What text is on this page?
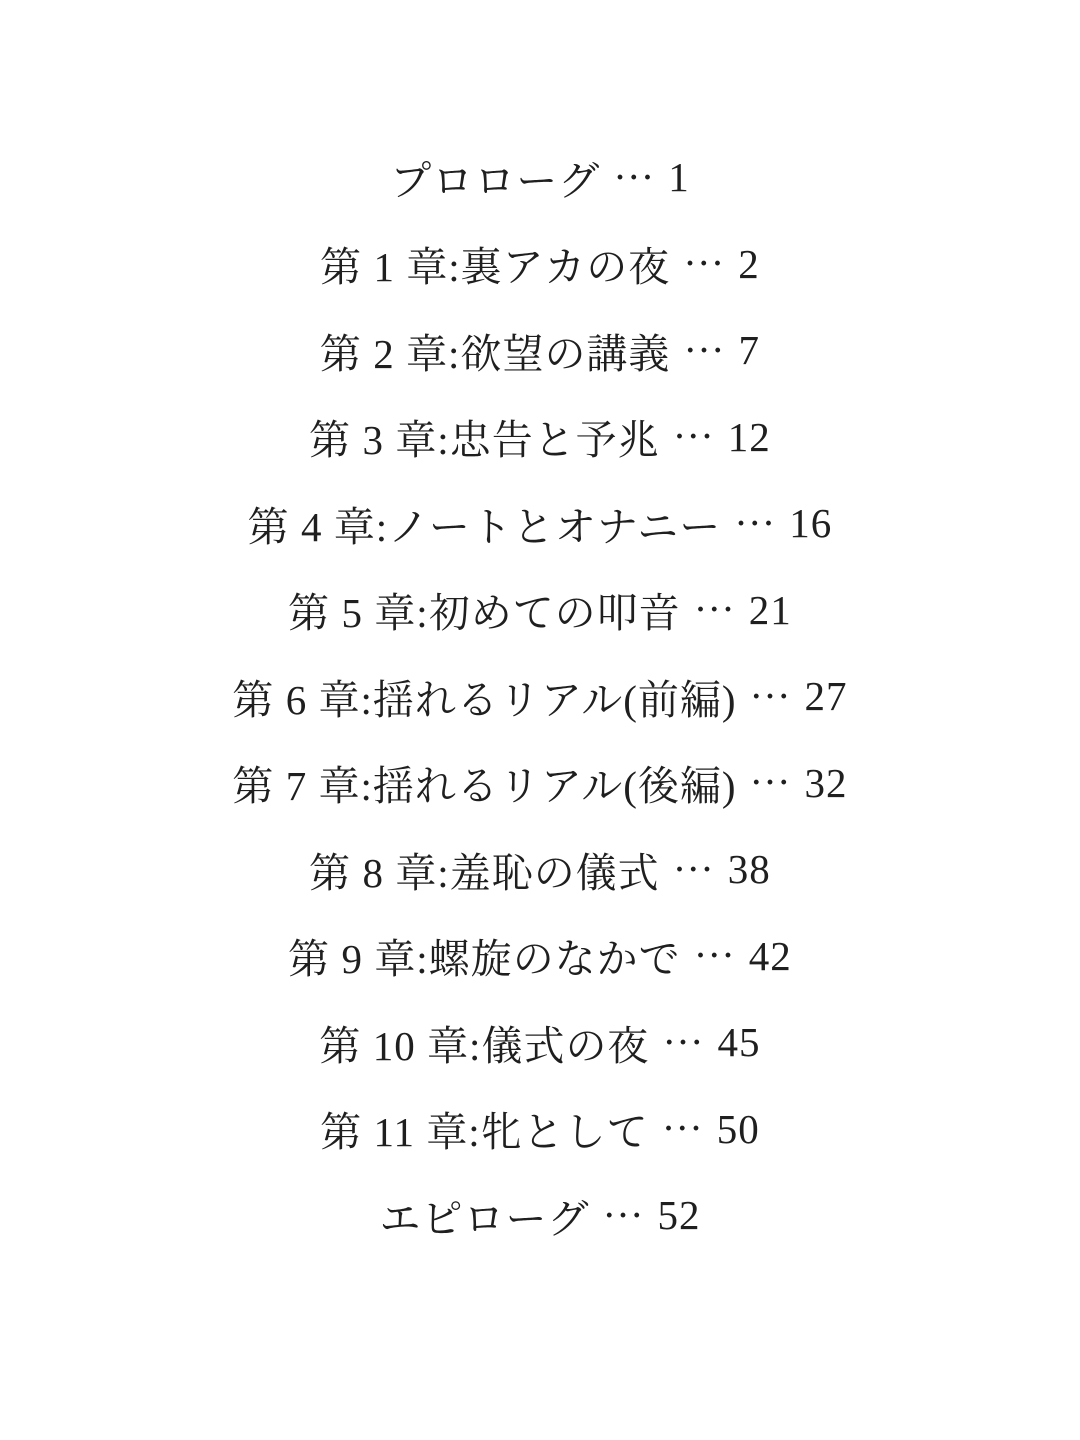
プロローグ … 1
第 1 章:裏アカの夜 … 2
第 2 章:欲望の講義 … 7
第 3 章:忠告と予兆 … 12
第 4 章:ノートとオナニー … 16
第 5 章:初めての叩音 … 21
第 6 章:揺れるリアル(前編) … 27
第 7 章:揺れるリアル(後編) … 32
第 8 章:羞恥の儀式 … 38
第 9 章:螺旋のなかで … 42
第 10 章:儀式の夜 … 45
第 11 章:牝として … 50
エピローグ … 52
